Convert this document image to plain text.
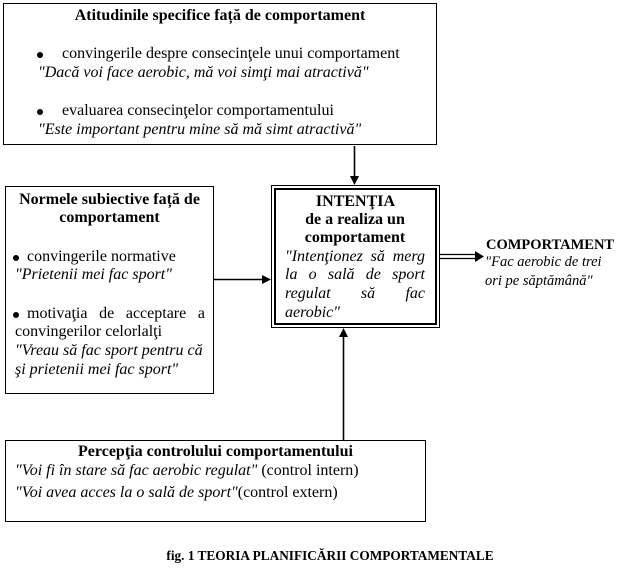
Atitudinile specifice față de comportament
convingerile despre consecinţele unui comportament
"Dacă voi face aerobic, mă voi simţi mai atractivă"
evaluarea consecinţelor comportamentului
"Este important pentru mine să mă simt atractivă"
Normele subiective față de comportament
convingerile normative
"Prietenii mei fac sport"
motivaţia de acceptare a
convingerilor celorlalţi
"Vreau să fac sport pentru că
şi prietenii mei fac sport"
INTENŢIA
de a realiza un comportament
"Intenţionez să merg
la o sală de sport
regulat să fac
aerobic"
COMPORTAMENT
"Fac aerobic de trei
ori pe săptămână"
Percepţia controlului comportamentului
"Voi fi în stare să fac aerobic regulat" (control intern)
"Voi avea acces la o sală de sport"(control extern)
fig. 1 TEORIA PLANIFICĂRII COMPORTAMENTALE
